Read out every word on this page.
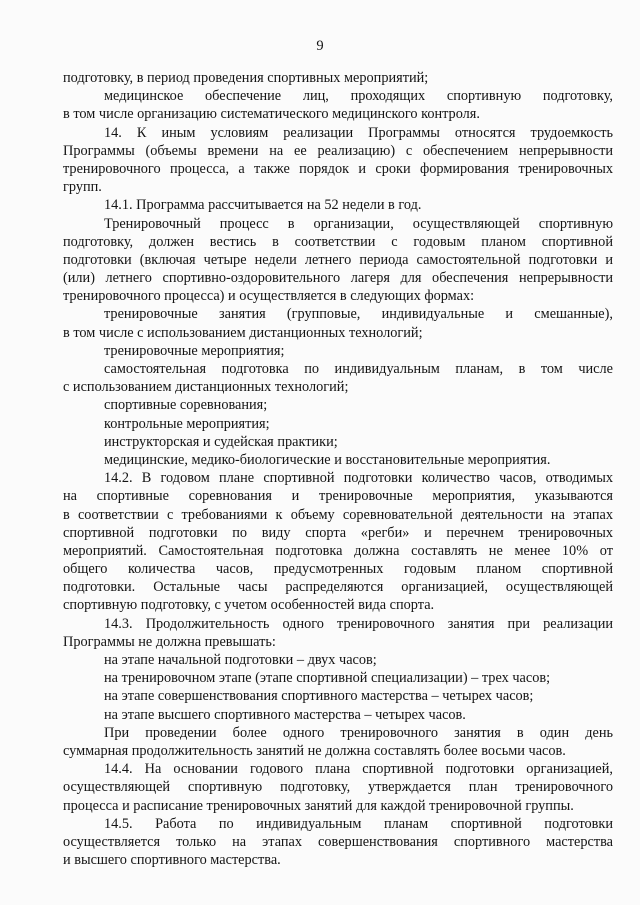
9
подготовку, в период проведения спортивных мероприятий;
медицинское обеспечение лиц, проходящих спортивную подготовку,
в том числе организацию систематического медицинского контроля.
14. К иным условиям реализации Программы относятся трудоемкость
Программы (объемы времени на ее реализацию) с обеспечением непрерывности
тренировочного процесса, а также порядок и сроки формирования тренировочных
групп.
14.1. Программа рассчитывается на 52 недели в год.
Тренировочный процесс в организации, осуществляющей спортивную
подготовку, должен вестись в соответствии с годовым планом спортивной
подготовки (включая четыре недели летнего периода самостоятельной подготовки и
(или) летнего спортивно-оздоровительного лагеря для обеспечения непрерывности
тренировочного процесса) и осуществляется в следующих формах:
тренировочные занятия (групповые, индивидуальные и смешанные),
в том числе с использованием дистанционных технологий;
тренировочные мероприятия;
самостоятельная подготовка по индивидуальным планам, в том числе
с использованием дистанционных технологий;
спортивные соревнования;
контрольные мероприятия;
инструкторская и судейская практики;
медицинские, медико-биологические и восстановительные мероприятия.
14.2. В годовом плане спортивной подготовки количество часов, отводимых
на спортивные соревнования и тренировочные мероприятия, указываются
в соответствии с требованиями к объему соревновательной деятельности на этапах
спортивной подготовки по виду спорта «регби» и перечнем тренировочных
мероприятий. Самостоятельная подготовка должна составлять не менее 10% от
общего количества часов, предусмотренных годовым планом спортивной
подготовки. Остальные часы распределяются организацией, осуществляющей
спортивную подготовку, с учетом особенностей вида спорта.
14.3. Продолжительность одного тренировочного занятия при реализации
Программы не должна превышать:
на этапе начальной подготовки – двух часов;
на тренировочном этапе (этапе спортивной специализации) – трех часов;
на этапе совершенствования спортивного мастерства – четырех часов;
на этапе высшего спортивного мастерства – четырех часов.
При проведении более одного тренировочного занятия в один день
суммарная продолжительность занятий не должна составлять более восьми часов.
14.4. На основании годового плана спортивной подготовки организацией,
осуществляющей спортивную подготовку, утверждается план тренировочного
процесса и расписание тренировочных занятий для каждой тренировочной группы.
14.5. Работа по индивидуальным планам спортивной подготовки
осуществляется только на этапах совершенствования спортивного мастерства
и высшего спортивного мастерства.
